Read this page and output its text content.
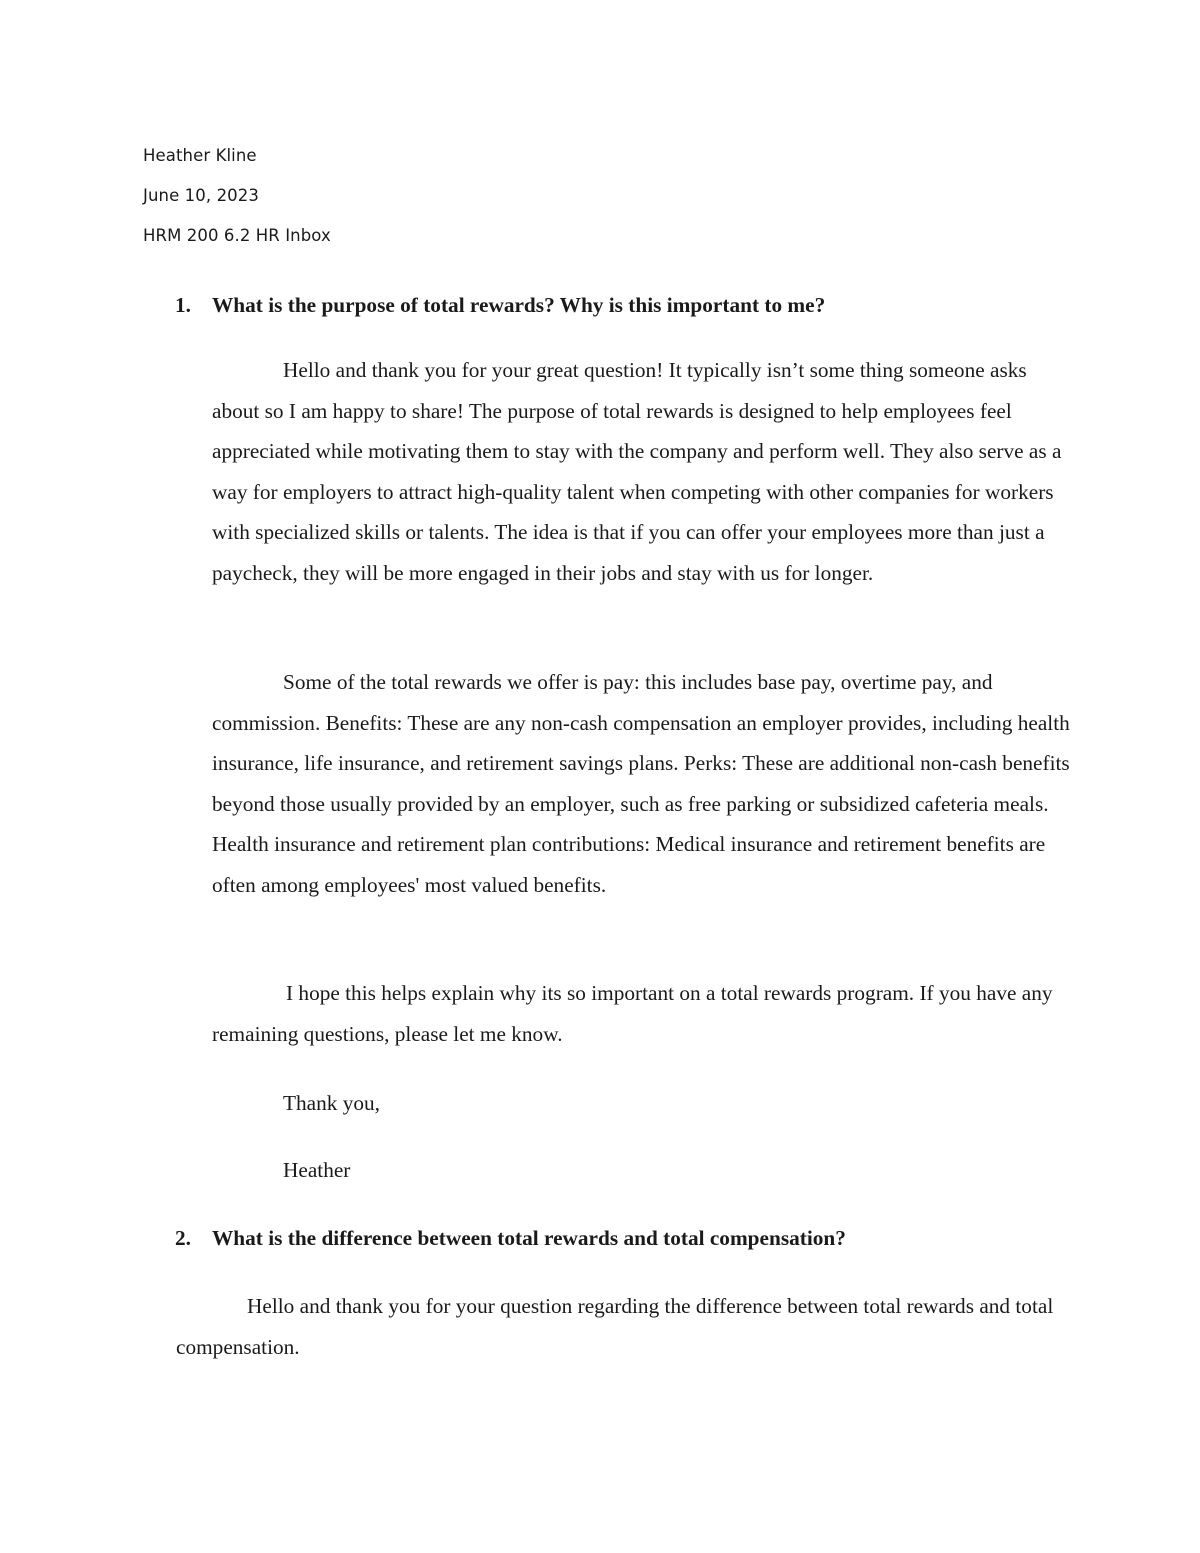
Heather Kline
June 10, 2023
HRM 200 6.2 HR Inbox
1. What is the purpose of total rewards? Why is this important to me?

Hello and thank you for your great question! It typically isn’t some thing someone asks about so I am happy to share! The purpose of total rewards is designed to help employees feel appreciated while motivating them to stay with the company and perform well. They also serve as a way for employers to attract high-quality talent when competing with other companies for workers with specialized skills or talents. The idea is that if you can offer your employees more than just a paycheck, they will be more engaged in their jobs and stay with us for longer.

Some of the total rewards we offer is pay: this includes base pay, overtime pay, and commission. Benefits: These are any non-cash compensation an employer provides, including health insurance, life insurance, and retirement savings plans. Perks: These are additional non-cash benefits beyond those usually provided by an employer, such as free parking or subsidized cafeteria meals. Health insurance and retirement plan contributions: Medical insurance and retirement benefits are often among employees' most valued benefits.

I hope this helps explain why its so important on a total rewards program. If you have any remaining questions, please let me know.

Thank you,
Heather
2. What is the difference between total rewards and total compensation?

Hello and thank you for your question regarding the difference between total rewards and total compensation.
